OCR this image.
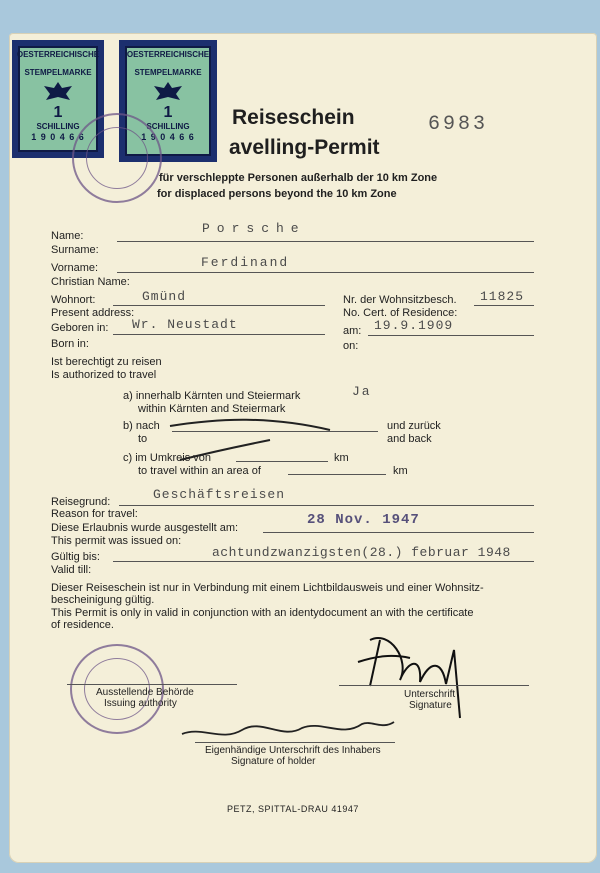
OESTERREICHISCHE
STEMPELMARKE
1
SCHILLING
1 9 0 4 6 6
OESTERREICHISCHE
STEMPELMARKE
1
SCHILLING
1 9 0 4 6 6
Reiseschein
avelling-Permit
6983
für verschleppte Personen außerhalb der 10 km Zone
for displaced persons beyond the 10 km Zone
Name:	Porsche
Surname:
Vorname:	Ferdinand
Christian Name:
Wohnort:	Gmünd
Present address:
Nr. der Wohnsitzbesch. 11825
No. Cert. of Residence:
Geboren in: Wr. Neustadt
Born in:
am: 19.9.1909
on:
Ist berechtigt zu reisen
Is authorized to travel
a) innerhalb Kärnten und Steiermark
within Kärnten and Steiermark
Ja
b) nach
to
und zurück
and back
c) im Umkreis von	km
to travel within an area of	km
Reisegrund:	Geschäftsreisen
Reason for travel:
Diese Erlaubnis wurde ausgestellt am:	28 Nov. 1947
This permit was issued on:
Gültig bis:	achtundzwanzigsten(28.) februar 1948
Valid till:
Dieser Reiseschein ist nur in Verbindung mit einem Lichtbildausweis und einer Wohnsitz-
bescheinigung gültig.
This Permit is only in valid in conjunction with an identydocument an with the certificate
of residence.
Ausstellende Behörde
Issuing authority
Unterschrift
Signature
Eigenhändige Unterschrift des Inhabers
Signature of holder
PETZ, SPITTAL-DRAU 41947
